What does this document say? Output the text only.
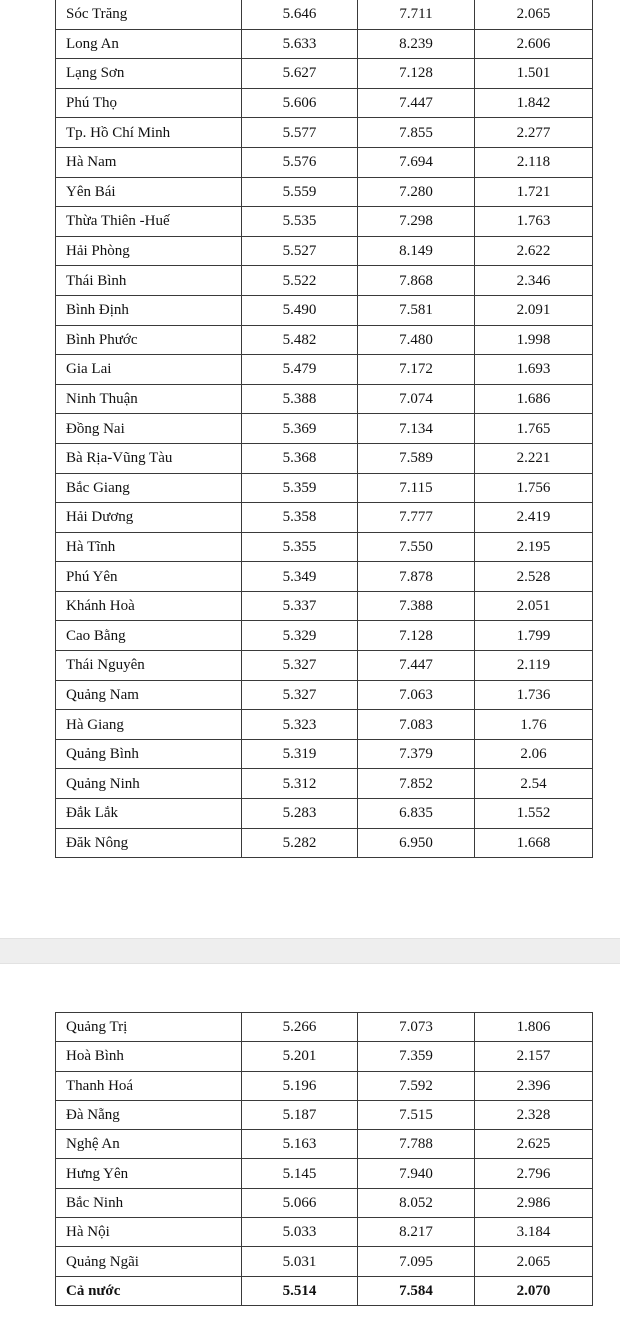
Sóc Trăng	5.646	7.711	2.065
Long An	5.633	8.239	2.606
Lạng Sơn	5.627	7.128	1.501
Phú Thọ	5.606	7.447	1.842
Tp. Hồ Chí Minh	5.577	7.855	2.277
Hà Nam	5.576	7.694	2.118
Yên Bái	5.559	7.280	1.721
Thừa Thiên -Huế	5.535	7.298	1.763
Hải Phòng	5.527	8.149	2.622
Thái Bình	5.522	7.868	2.346
Bình Định	5.490	7.581	2.091
Bình Phước	5.482	7.480	1.998
Gia Lai	5.479	7.172	1.693
Ninh Thuận	5.388	7.074	1.686
Đồng Nai	5.369	7.134	1.765
Bà Rịa-Vũng Tàu	5.368	7.589	2.221
Bắc Giang	5.359	7.115	1.756
Hải Dương	5.358	7.777	2.419
Hà Tĩnh	5.355	7.550	2.195
Phú Yên	5.349	7.878	2.528
Khánh Hoà	5.337	7.388	2.051
Cao Bằng	5.329	7.128	1.799
Thái Nguyên	5.327	7.447	2.119
Quảng Nam	5.327	7.063	1.736
Hà Giang	5.323	7.083	1.76
Quảng Bình	5.319	7.379	2.06
Quảng Ninh	5.312	7.852	2.54
Đắk Lắk	5.283	6.835	1.552
Đăk Nông	5.282	6.950	1.668
Quảng Trị	5.266	7.073	1.806
Hoà Bình	5.201	7.359	2.157
Thanh Hoá	5.196	7.592	2.396
Đà Nẵng	5.187	7.515	2.328
Nghệ An	5.163	7.788	2.625
Hưng Yên	5.145	7.940	2.796
Bắc Ninh	5.066	8.052	2.986
Hà Nội	5.033	8.217	3.184
Quảng Ngãi	5.031	7.095	2.065
Cả nước	5.514	7.584	2.070
